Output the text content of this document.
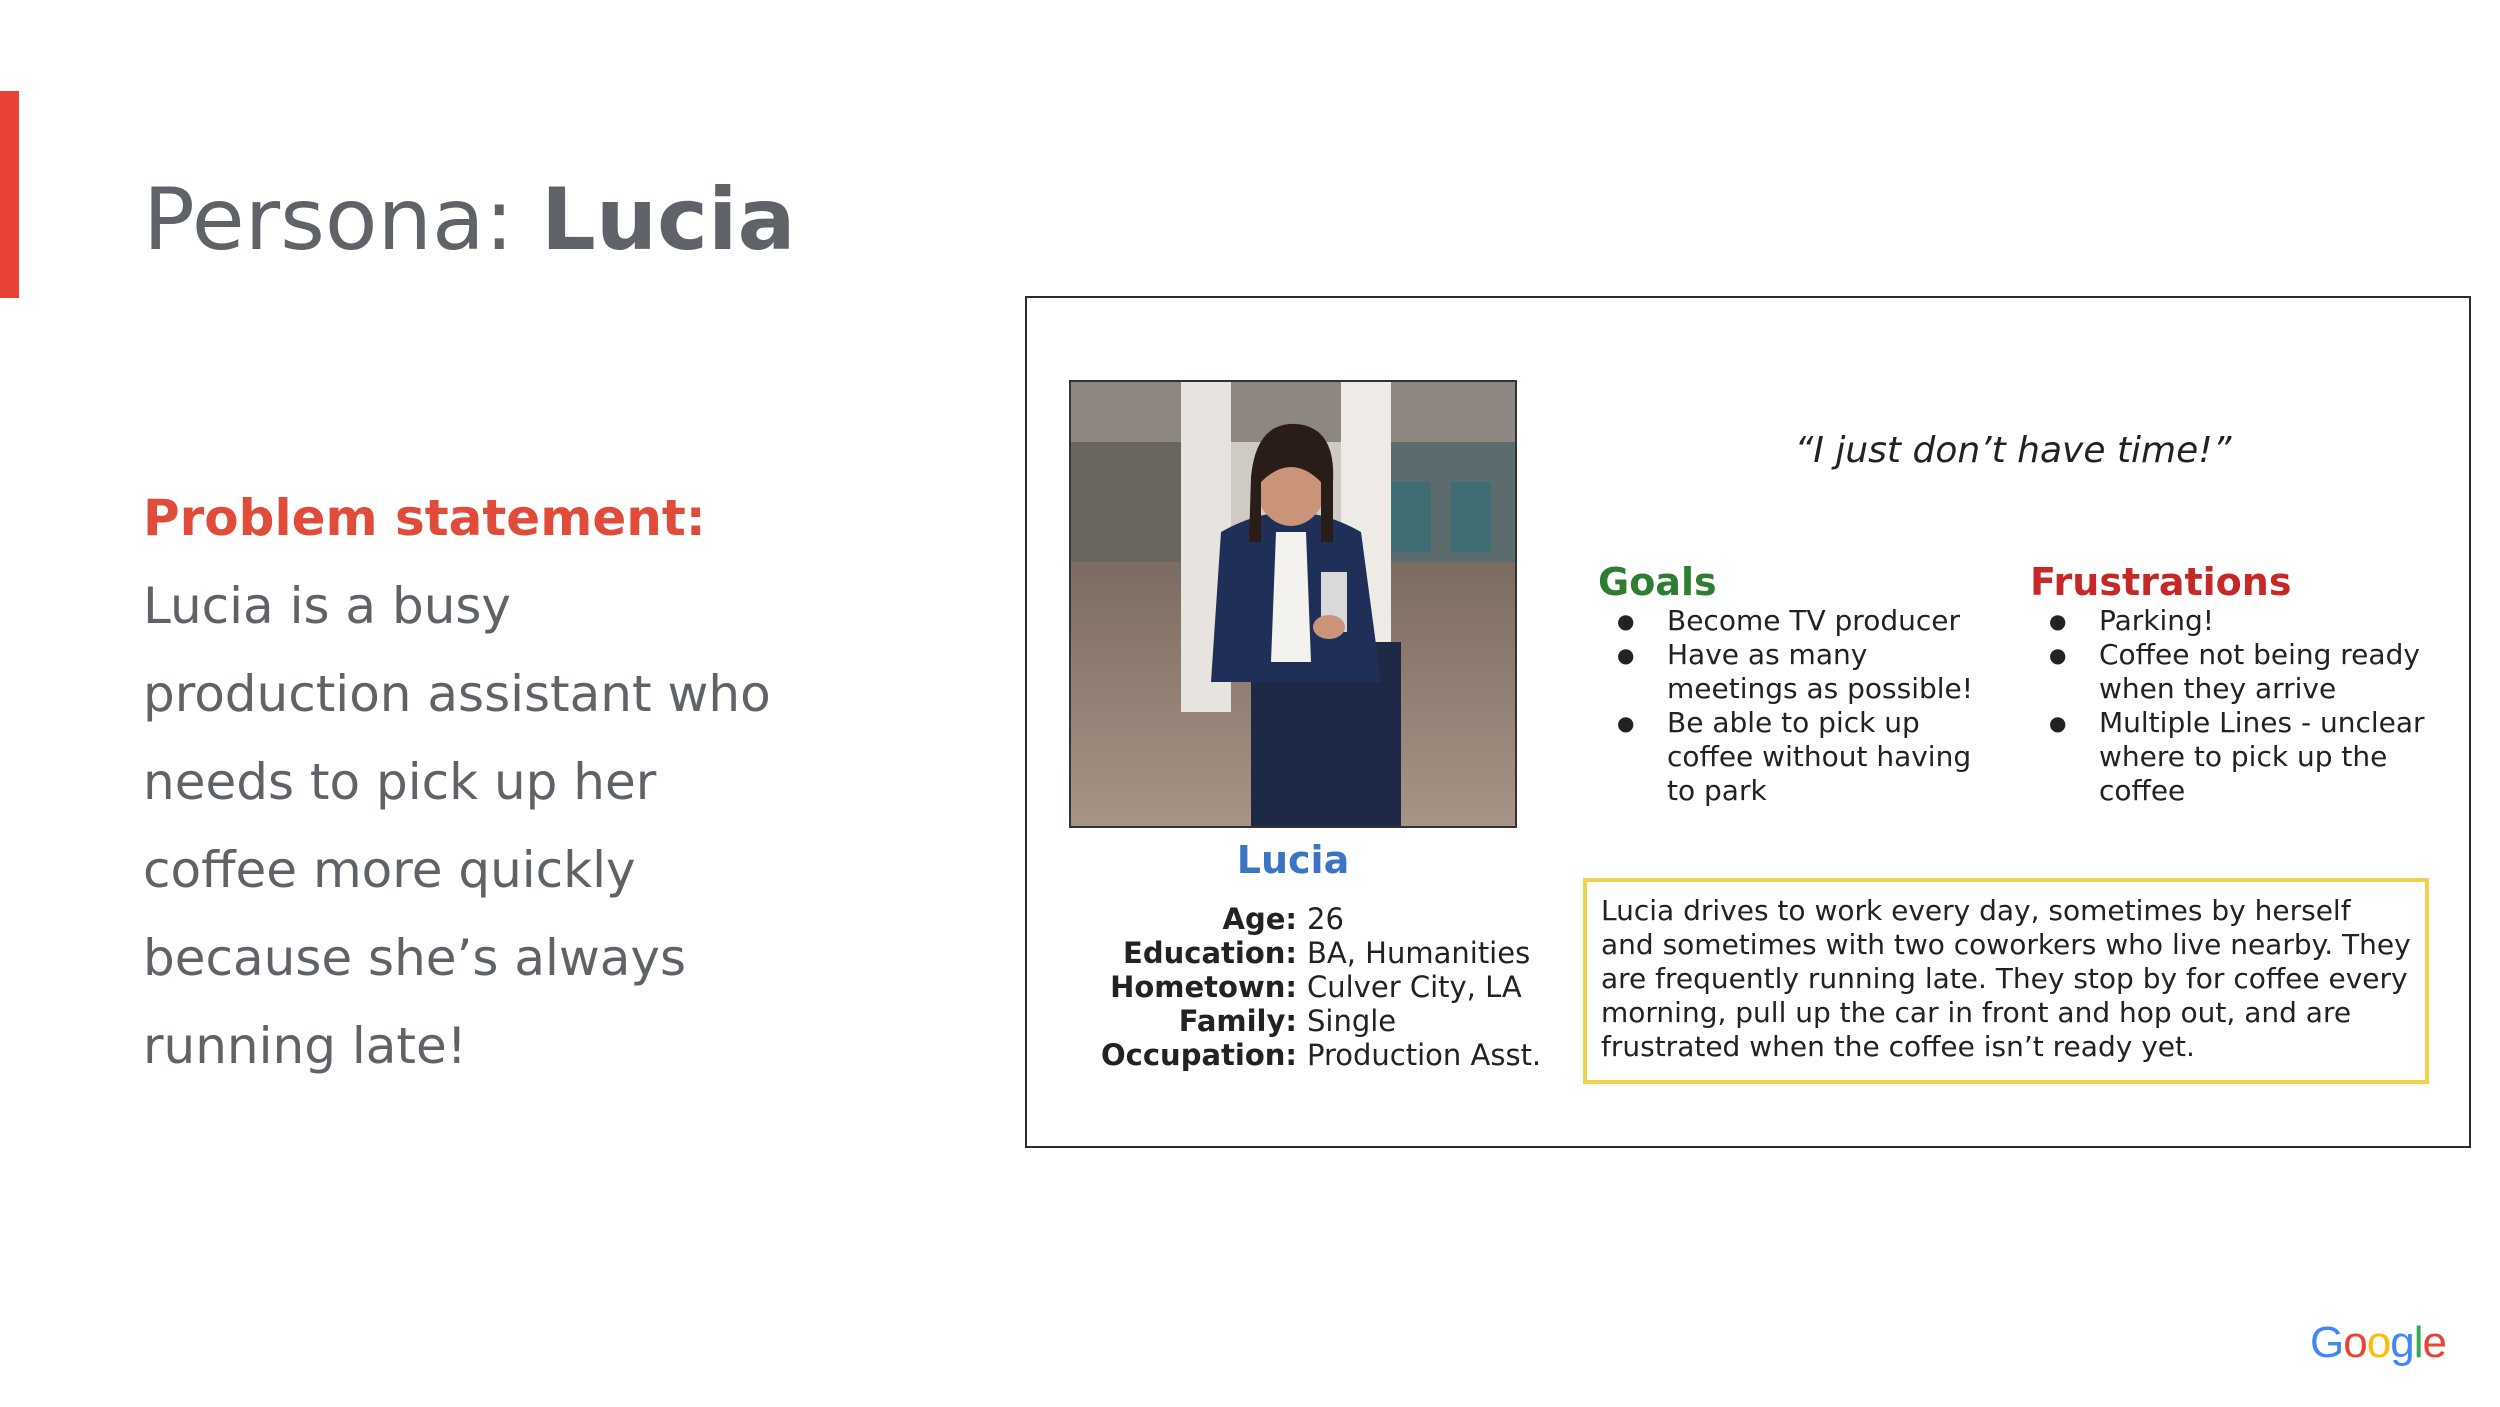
Persona: Lucia
Problem statement:
Lucia is a busy
production assistant who
needs to pick up her
coffee more quickly
because she’s always
running late!
Lucia
Age: 26
Education: BA, Humanities
Hometown: Culver City, LA
Family: Single
Occupation: Production Asst.
“I just don’t have time!”
Goals
● Become TV producer
● Have as many meetings as possible!
● Be able to pick up coffee without having to park
Frustrations
● Parking!
● Coffee not being ready when they arrive
● Multiple Lines - unclear where to pick up the coffee
Lucia drives to work every day, sometimes by herself and sometimes with two coworkers who live nearby. They are frequently running late. They stop by for coffee every morning, pull up the car in front and hop out, and are frustrated when the coffee isn’t ready yet.
Google
